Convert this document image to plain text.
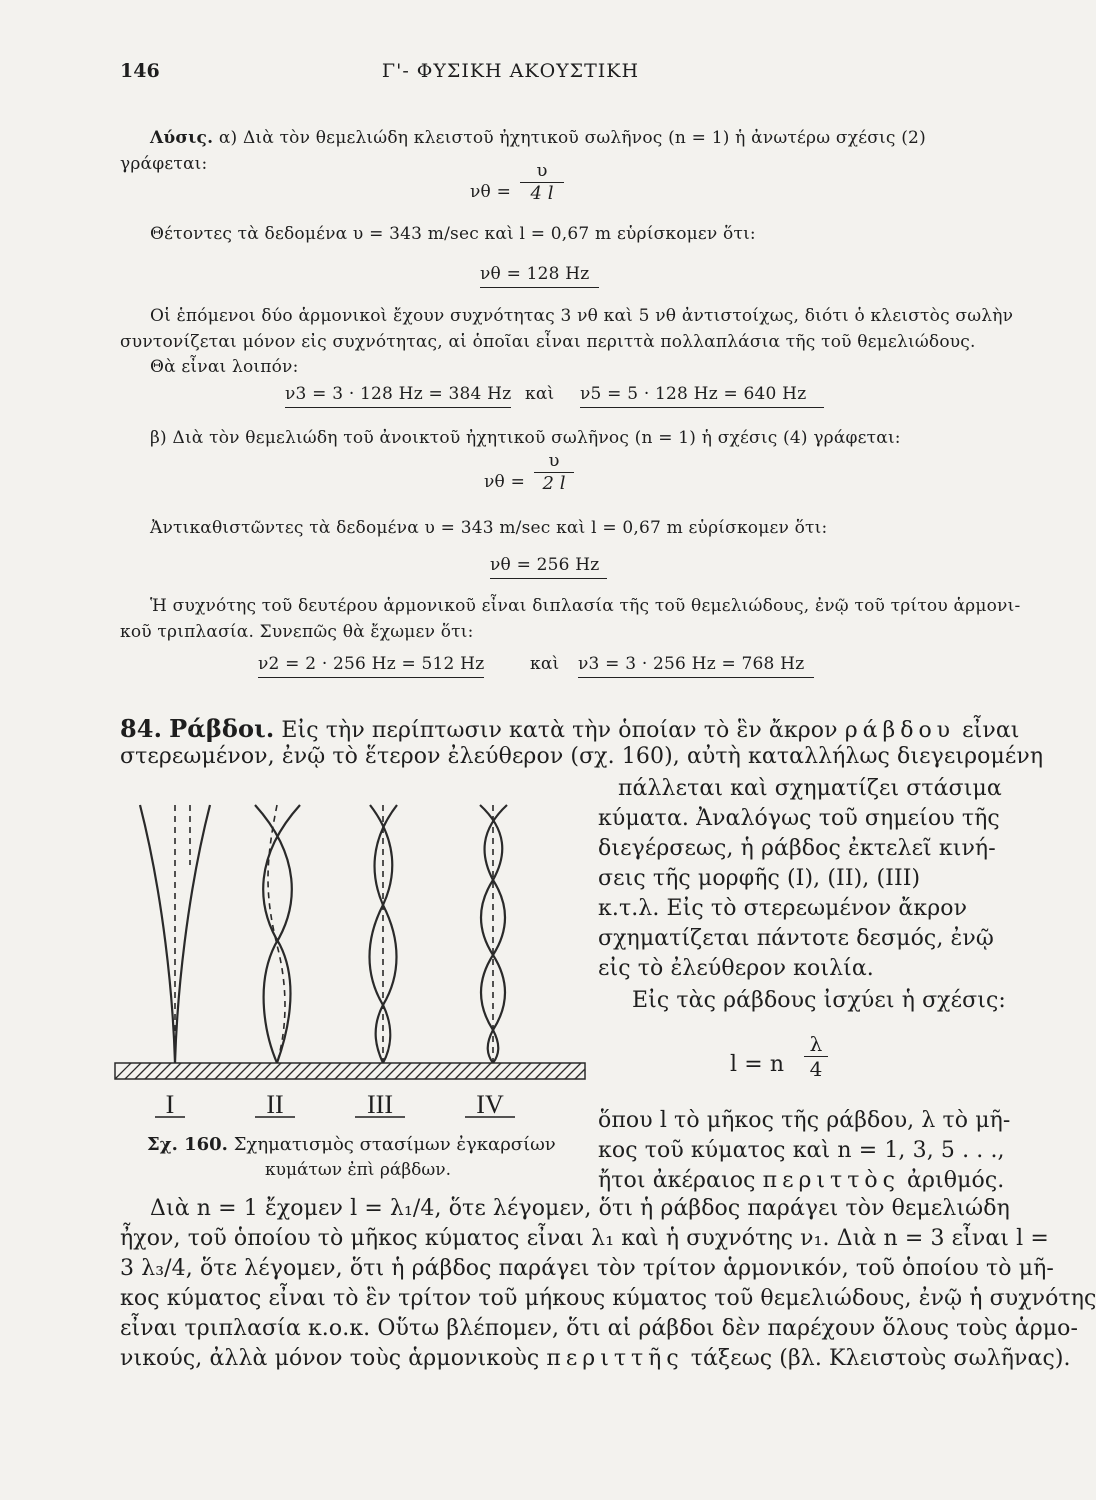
146	Γ'- ΦΥΣΙΚΗ ΑΚΟΥΣΤΙΚΗ
Λύσις. α) Διὰ τὸν θεμελιώδη κλειστοῦ ἠχητικοῦ σωλῆνος (n = 1) ἡ ἀνωτέρω σχέσις (2)
γράφεται:
νθ =
υ
4 l
Θέτοντες τὰ δεδομένα υ = 343 m/sec καὶ l = 0,67 m εὑρίσκομεν ὅτι:
νθ = 128 Hz
Οἱ ἑπόμενοι δύο ἁρμονικοὶ ἔχουν συχνότητας 3 νθ καὶ 5 νθ ἀντιστοίχως, διότι ὁ κλειστὸς σωλὴν
συντονίζεται μόνον εἰς συχνότητας, αἱ ὁποῖαι εἶναι περιττὰ πολλαπλάσια τῆς τοῦ θεμελιώδους.
Θὰ εἶναι λοιπόν:
ν3 = 3 · 128 Hz = 384 Hz καὶ ν5 = 5 · 128 Hz = 640 Hz
β) Διὰ τὸν θεμελιώδη τοῦ ἀνοικτοῦ ἠχητικοῦ σωλῆνος (n = 1) ἡ σχέσις (4) γράφεται:
νθ =
υ
2 l
Ἀντικαθιστῶντες τὰ δεδομένα υ = 343 m/sec καὶ l = 0,67 m εὑρίσκομεν ὅτι:
νθ = 256 Hz
Ἡ συχνότης τοῦ δευτέρου ἁρμονικοῦ εἶναι διπλασία τῆς τοῦ θεμελιώδους, ἐνῷ τοῦ τρίτου ἁρμονι-
κοῦ τριπλασία. Συνεπῶς θὰ ἔχωμεν ὅτι:
ν2 = 2 · 256 Hz = 512 Hz	καὶ ν3 = 3 · 256 Hz = 768 Hz
84. Ράβδοι. Εἰς τὴν περίπτωσιν κατὰ τὴν ὁποίαν τὸ ἓν ἄκρον ράβδου εἶναι
στερεωμένον, ἐνῷ τὸ ἕτερον ἐλεύθερον (σχ. 160), αὐτὴ καταλλήλως διεγειρομένη
πάλλεται καὶ σχηματίζει στάσιμα
κύματα. Ἀναλόγως τοῦ σημείου τῆς
διεγέρσεως, ἡ ράβδος ἐκτελεῖ κινή-
σεις τῆς μορφῆς (Ι), (ΙΙ), (ΙΙΙ)
κ.τ.λ. Εἰς τὸ στερεωμένον ἄκρον
σχηματίζεται πάντοτε δεσμός, ἐνῷ
εἰς τὸ ἐλεύθερον κοιλία.
Εἰς τὰς ράβδους ἰσχύει ἡ σχέσις:
l = n
λ
4
ὅπου l τὸ μῆκος τῆς ράβδου, λ τὸ μῆ-
κος τοῦ κύματος καὶ n = 1, 3, 5 . . .,
ἤτοι ἀκέραιος περιττὸς ἀριθμός.
I	II	III	IV
Σχ. 160. Σχηματισμὸς στασίμων ἐγκαρσίων
κυμάτων ἐπὶ ράβδων.
Διὰ n = 1 ἔχομεν l = λ₁/4, ὅτε λέγομεν, ὅτι ἡ ράβδος παράγει τὸν θεμελιώδη
ἦχον, τοῦ ὁποίου τὸ μῆκος κύματος εἶναι λ₁ καὶ ἡ συχνότης ν₁. Διὰ n = 3 εἶναι l =
3 λ₃/4, ὅτε λέγομεν, ὅτι ἡ ράβδος παράγει τὸν τρίτον ἁρμονικόν, τοῦ ὁποίου τὸ μῆ-
κος κύματος εἶναι τὸ ἓν τρίτον τοῦ μήκους κύματος τοῦ θεμελιώδους, ἐνῷ ἡ συχνότης
εἶναι τριπλασία κ.ο.κ. Οὕτω βλέπομεν, ὅτι αἱ ράβδοι δὲν παρέχουν ὅλους τοὺς ἁρμο-
νικούς, ἀλλὰ μόνον τοὺς ἁρμονικοὺς περιττῆς τάξεως (βλ. Κλειστοὺς σωλῆνας).
